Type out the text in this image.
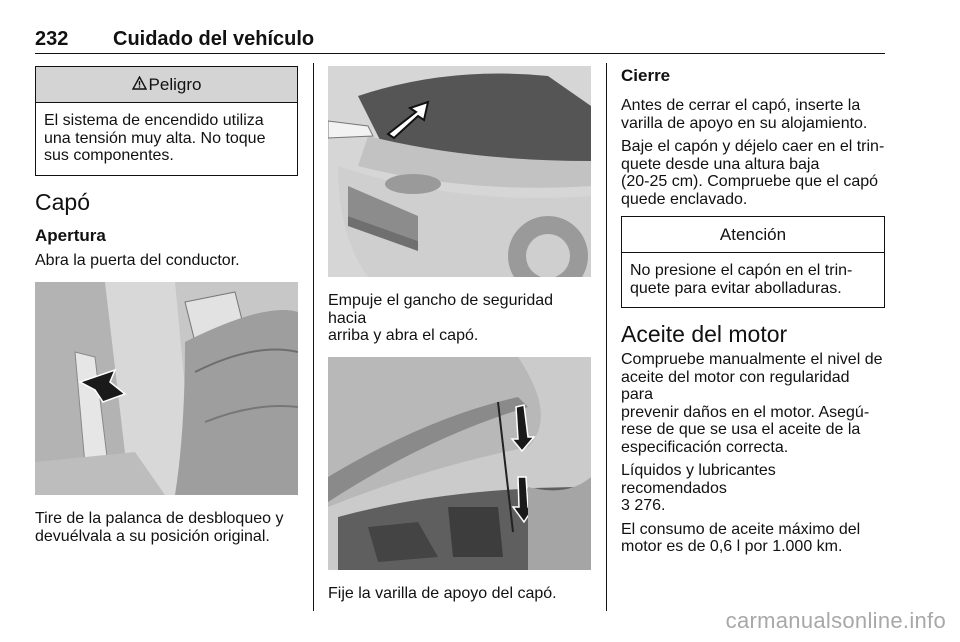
232 Cuidado del vehículo
Peligro
El sistema de encendido utiliza
una tensión muy alta. No toque
sus componentes.
Capó
Apertura

Abra la puerta del conductor.

Tire de la palanca de desbloqueo y
devuélvala a su posición original.

Empuje el gancho de seguridad hacia
arriba y abra el capó.

Fije la varilla de apoyo del capó.

Cierre

Antes de cerrar el capó, inserte la
varilla de apoyo en su alojamiento.

Baje el capón y déjelo caer en el trin-
quete desde una altura baja
(20-25 cm). Compruebe que el capó
quede enclavado.

Atención
No presione el capón en el trin-
quete para evitar abolladuras.
Aceite del motor

Compruebe manualmente el nivel de
aceite del motor con regularidad para
prevenir daños en el motor. Asegú-
rese de que se usa el aceite de la
especificación correcta.

Líquidos y lubricantes recomendados
3 276.

El consumo de aceite máximo del
motor es de 0,6 l por 1.000 km.

carmanualsonline.info
